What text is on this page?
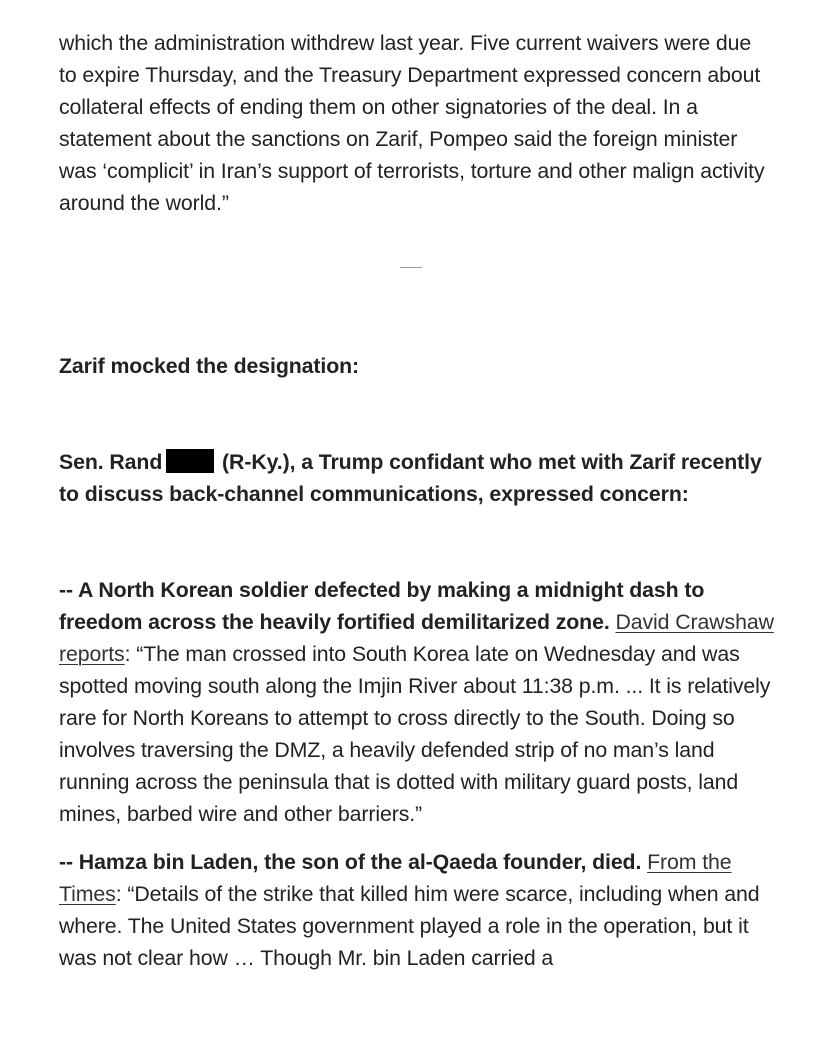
which the administration withdrew last year. Five current waivers were due to expire Thursday, and the Treasury Department expressed concern about collateral effects of ending them on other signatories of the deal. In a statement about the sanctions on Zarif, Pompeo said the foreign minister was ‘complicit’ in Iran’s support of terrorists, torture and other malign activity around the world.”

Zarif mocked the designation:

Sen. Rand	(R-Ky.), a Trump confidant who met with Zarif recently to discuss back-channel communications, expressed concern:

-- A North Korean soldier defected by making a midnight dash to freedom across the heavily fortified demilitarized zone. David Crawshaw reports: “The man crossed into South Korea late on Wednesday and was spotted moving south along the Imjin River about 11:38 p.m. ... It is relatively rare for North Koreans to attempt to cross directly to the South. Doing so involves traversing the DMZ, a heavily defended strip of no man’s land running across the peninsula that is dotted with military guard posts, land mines, barbed wire and other barriers.”

-- Hamza bin Laden, the son of the al-Qaeda founder, died. From the Times: “Details of the strike that killed him were scarce, including when and where. The United States government played a role in the operation, but it was not clear how … Though Mr. bin Laden carried a
